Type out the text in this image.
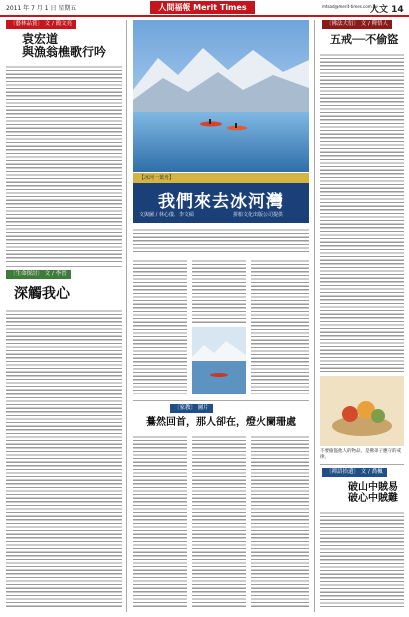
2011 年 7 月 1 日 星期五	人間福報 Merit Times	mtsad@merit-times.com.tw
人文 14
〔藝林品賞〕 文 / 簡文亮
袁宏道
與漁翁樵歌行吟
〔生命探討〕 文 / 李晉
深觸我心
【冰河一葉舟】
我們來去冰河灣
文與圖 / 林心儀．李文碩	拼船文化出版公司提供
〔家教〕 圖片
驀然回首，那人卻在，燈火闌珊處
〔佛法大衍〕 文 / 釋悟人
五戒──不偷盜
不要偷盜他人的物品，是佛弟子應守的戒律。
〔禪語拾遺〕 文 / 喬楓
破山中賊易
破心中賊難
